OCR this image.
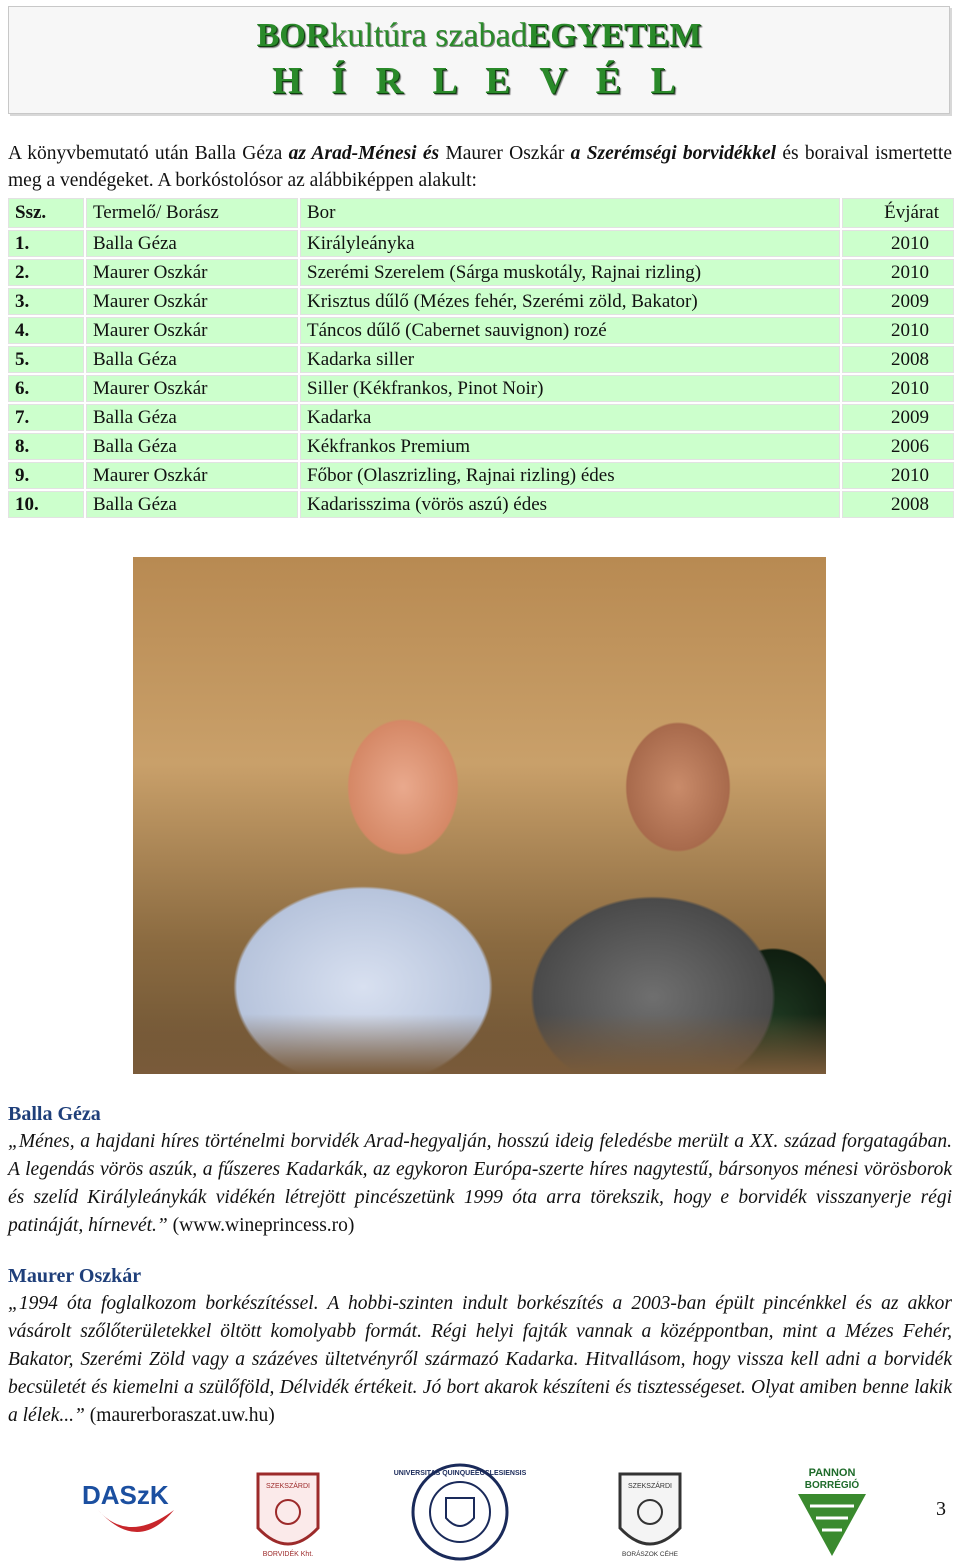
BORkultúra szabadEGYETEM
H Í R L E V É L
A könyvbemutató után Balla Géza az Arad-Ménesi és Maurer Oszkár a Szerémségi borvidékkel és boraival ismertette meg a vendégeket. A borkóstolósor az alábbiképpen alakult:
Ssz.	Termelő/ Borász	Bor	Évjárat
1.	Balla Géza	Királyleányka	2010
2.	Maurer Oszkár	Szerémi Szerelem (Sárga muskotály, Rajnai rizling)	2010
3.	Maurer Oszkár	Krisztus dűlő (Mézes fehér, Szerémi zöld, Bakator)	2009
4.	Maurer Oszkár	Táncos dűlő (Cabernet sauvignon) rozé	2010
5.	Balla Géza	Kadarka siller	2008
6.	Maurer Oszkár	Siller (Kékfrankos, Pinot Noir)	2010
7.	Balla Géza	Kadarka	2009
8.	Balla Géza	Kékfrankos Premium	2006
9.	Maurer Oszkár	Főbor (Olaszrizling, Rajnai rizling) édes	2010
10.	Balla Géza	Kadarisszima (vörös aszú) édes	2008
Balla Géza
„Ménes, a hajdani híres történelmi borvidék Arad-hegyalján, hosszú ideig feledésbe merült a XX. század forgatagában. A legendás vörös aszúk, a fűszeres Kadarkák, az egykoron Európa-szerte híres nagytestű, bársonyos ménesi vörösborok és szelíd Királyleánykák vidékén létrejött pincészetünk 1999 óta arra törekszik, hogy e borvidék visszanyerje régi patináját, hírnevét.” (www.wineprincess.ro)
Maurer Oszkár
„1994 óta foglalkozom borkészítéssel. A hobbi-szinten indult borkészítés a 2003-ban épült pincénkkel és az akkor vásárolt szőlőterületekkel öltött komolyabb formát. Régi helyi fajták vannak a középpontban, mint a Mézes Fehér, Bakator, Szerémi Zöld vagy a százéves ültetvényről származó Kadarka. Hitvallásom, hogy vissza kell adni a borvidék becsületét és kiemelni a szülőföld, Délvidék értékeit. Jó bort akarok készíteni és tisztességeset. Olyat amiben benne lakik a lélek...” (maurerboraszat.uw.hu)
DASzK	SZEKSZÁRDI
BORVIDÉK Kht.
UNIVERSITAS QUINQUEECCLESIENSIS
SZEKSZÁRDI
BORÁSZOK CÉHE
PANNON
BORRÉGIÓ
3
